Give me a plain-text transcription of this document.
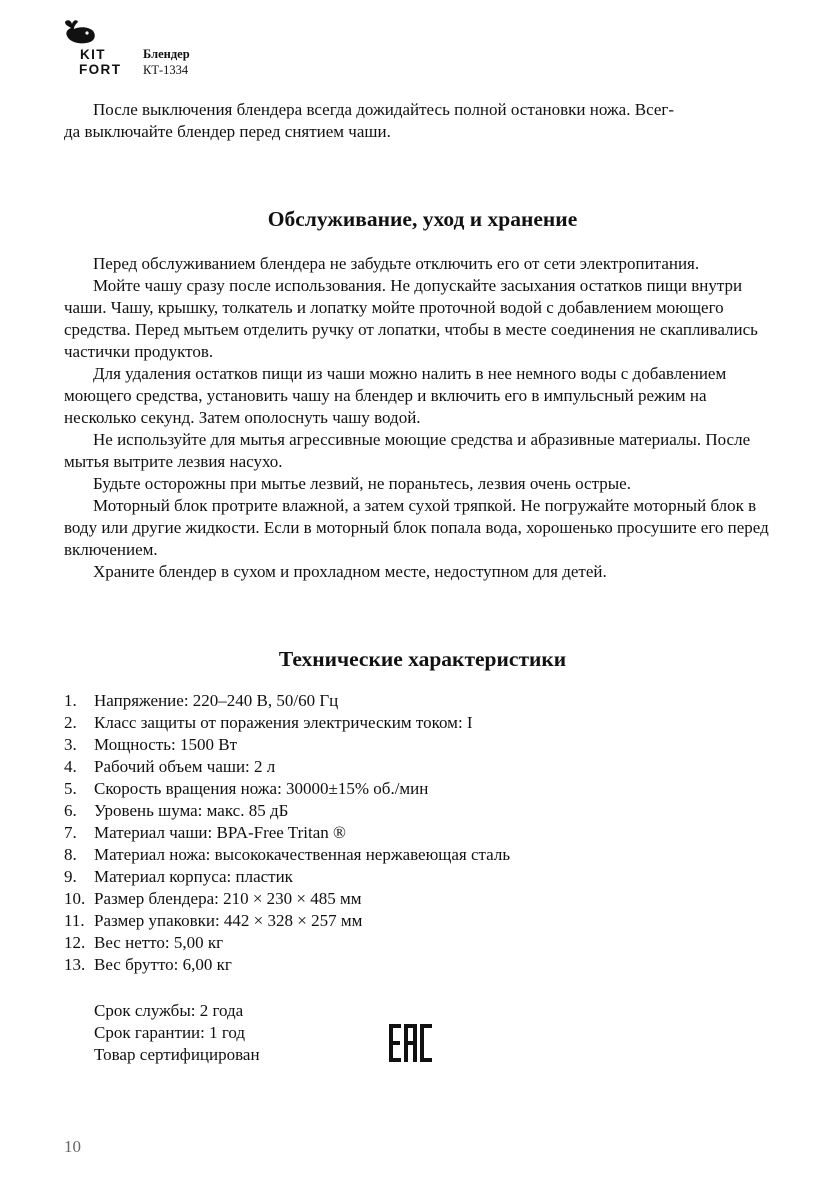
KIT
FORT
Блендер
КТ-1334
После выключения блендера всегда дожидайтесь полной остановки ножа. Всег-
да выключайте блендер перед снятием чаши.
Обслуживание, уход и хранение

Перед обслуживанием блендера не забудьте отключить его от сети электропитания.

Мойте чашу сразу после использования. Не допускайте засыхания остатков пищи внутри чаши. Чашу, крышку, толкатель и лопатку мойте проточной водой с добавлением моющего средства. Перед мытьем отделить ручку от лопатки, чтобы в месте соединения не скапливались частички продуктов.

Для удаления остатков пищи из чаши можно налить в нее немного воды с добавлением моющего средства, установить чашу на блендер и включить его в импульсный режим на несколько секунд. Затем ополоснуть чашу водой.

Не используйте для мытья агрессивные моющие средства и абразивные материалы. После мытья вытрите лезвия насухо.

Будьте осторожны при мытье лезвий, не пораньтесь, лезвия очень острые.

Моторный блок протрите влажной, а затем сухой тряпкой. Не погружайте моторный блок в воду или другие жидкости. Если в моторный блок попала вода, хорошенько просушите его перед включением.

Храните блендер в сухом и прохладном месте, недоступном для детей.

Технические характеристики
1. Напряжение: 220–240 В, 50/60 Гц
2. Класс защиты от поражения электрическим током: I
3. Мощность: 1500 Вт
4. Рабочий объем чаши: 2 л
5. Скорость вращения ножа: 30000±15% об./мин
6. Уровень шума: макс. 85 дБ
7. Материал чаши: BPA-Free Tritan ®
8. Материал ножа: высококачественная нержавеющая сталь
9. Материал корпуса: пластик
10. Размер блендера: 210 × 230 × 485 мм
11. Размер упаковки: 442 × 328 × 257 мм
12. Вес нетто: 5,00 кг
13. Вес брутто: 6,00 кг
Срок службы: 2 года
Срок гарантии: 1 год
Товар сертифицирован
10
